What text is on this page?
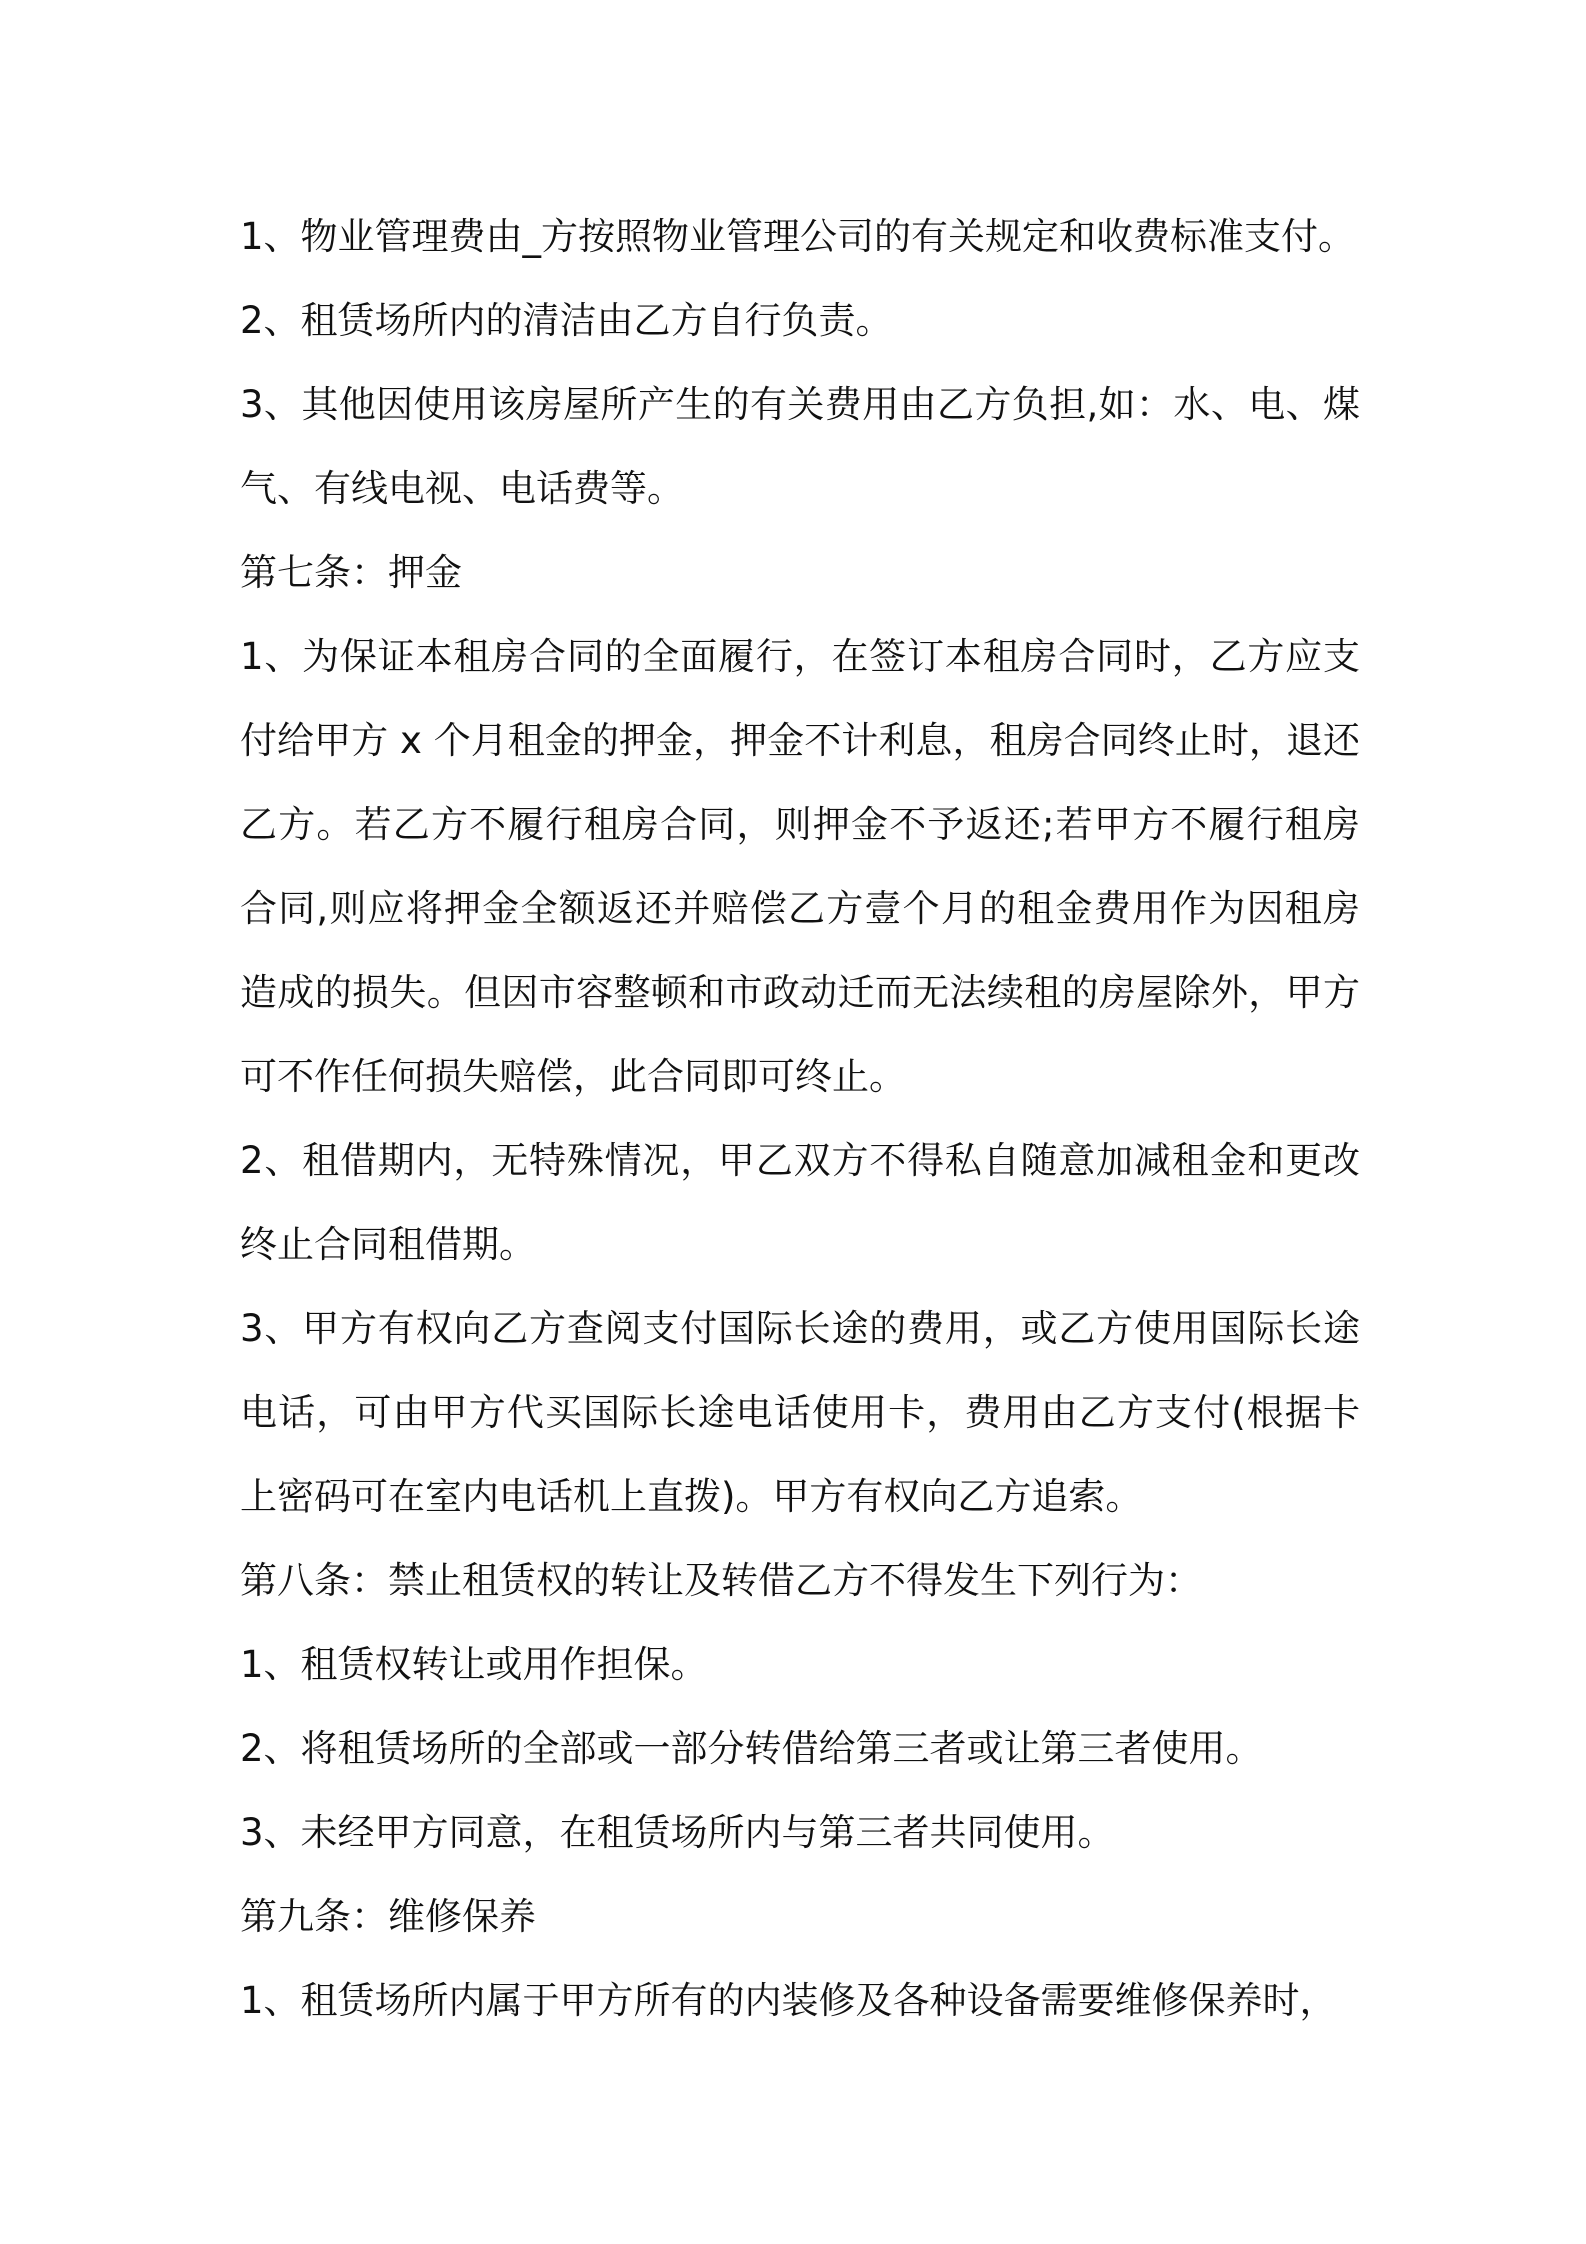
1、物业管理费由_方按照物业管理公司的有关规定和收费标准支付。

2、租赁场所内的清洁由乙方自行负责。

3、其他因使用该房屋所产生的有关费用由乙方负担,如：水、电、煤气、有线电视、电话费等。

第七条：押金

1、为保证本租房合同的全面履行，在签订本租房合同时，乙方应支付给甲方 x 个月租金的押金，押金不计利息，租房合同终止时，退还乙方。若乙方不履行租房合同，则押金不予返还;若甲方不履行租房合同,则应将押金全额返还并赔偿乙方壹个月的租金费用作为因租房造成的损失。但因市容整顿和市政动迁而无法续租的房屋除外，甲方可不作任何损失赔偿，此合同即可终止。

2、租借期内，无特殊情况，甲乙双方不得私自随意加减租金和更改终止合同租借期。

3、甲方有权向乙方查阅支付国际长途的费用，或乙方使用国际长途电话，可由甲方代买国际长途电话使用卡，费用由乙方支付(根据卡上密码可在室内电话机上直拨)。甲方有权向乙方追索。

第八条：禁止租赁权的转让及转借乙方不得发生下列行为：

1、租赁权转让或用作担保。

2、将租赁场所的全部或一部分转借给第三者或让第三者使用。

3、未经甲方同意，在租赁场所内与第三者共同使用。

第九条：维修保养

1、租赁场所内属于甲方所有的内装修及各种设备需要维修保养时，
